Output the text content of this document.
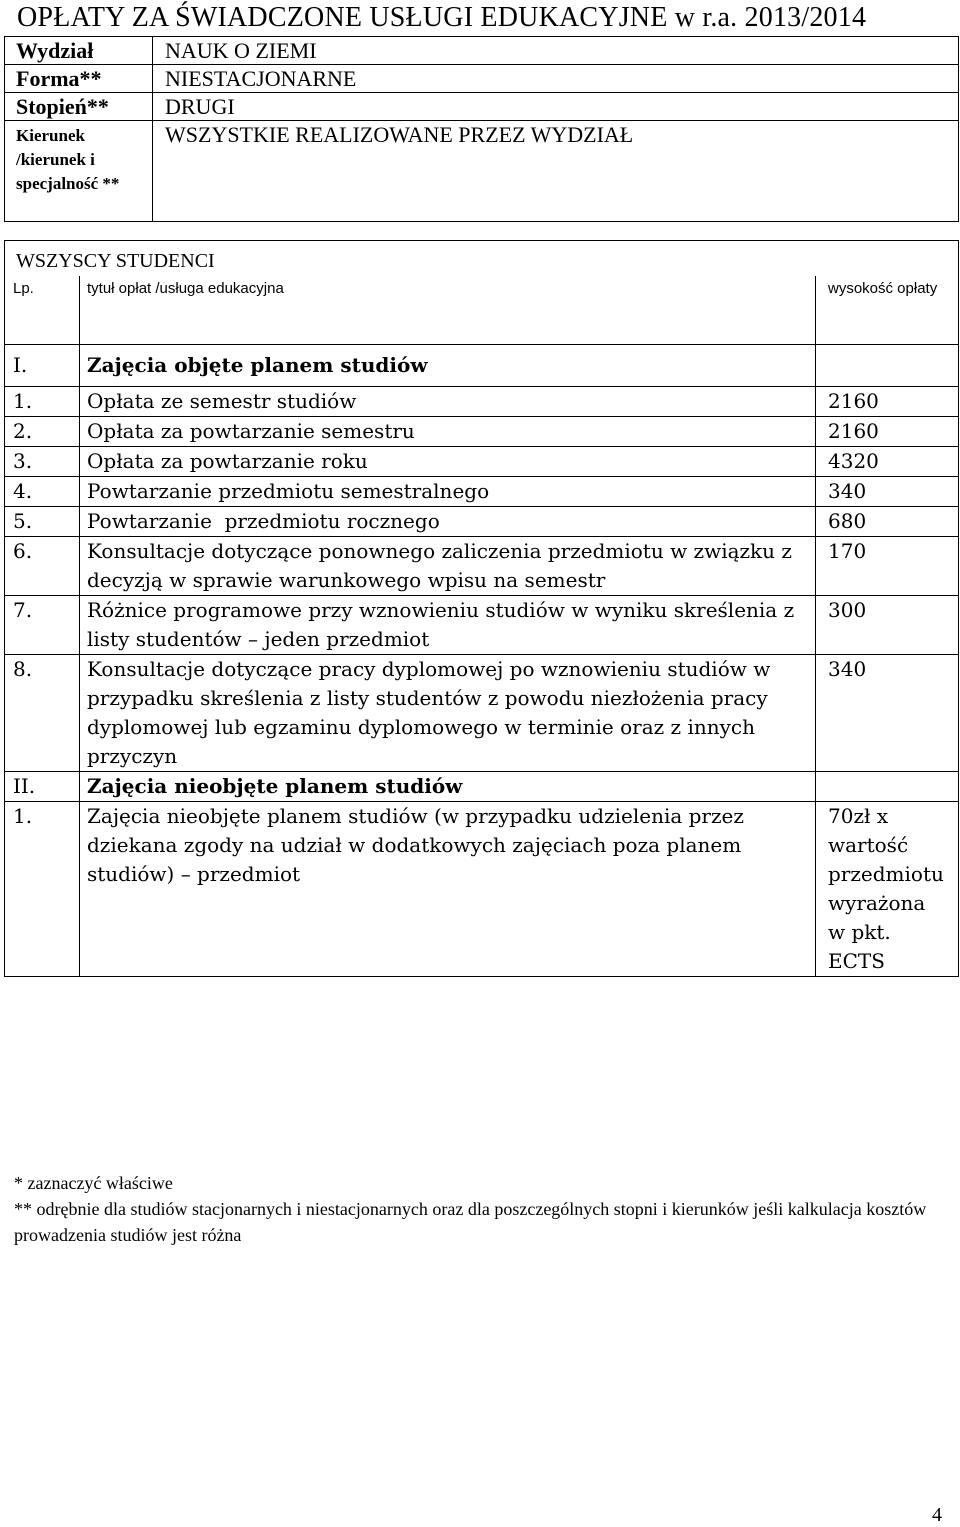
OPŁATY ZA ŚWIADCZONE USŁUGI EDUKACYJNE w r.a. 2013/2014
Wydział	NAUK O ZIEMI
Forma**	NIESTACJONARNE
Stopień**	DRUGI
Kierunek /kierunek i specjalność **	WSZYSTKIE REALIZOWANE PRZEZ WYDZIAŁ
WSZYSCY STUDENCI		
Lp.	tytuł opłat /usługa edukacyjna	wysokość opłaty
I.	Zajęcia objęte planem studiów	
1.	Opłata ze semestr studiów	2160
2.	Opłata za powtarzanie semestru	2160
3.	Opłata za powtarzanie roku	4320
4.	Powtarzanie przedmiotu semestralnego	340
5.	Powtarzanie  przedmiotu rocznego	680
6.	Konsultacje dotyczące ponownego zaliczenia przedmiotu w związku z decyzją w sprawie warunkowego wpisu na semestr	170
7.	Różnice programowe przy wznowieniu studiów w wyniku skreślenia z listy studentów – jeden przedmiot	300
8.	Konsultacje dotyczące pracy dyplomowej po wznowieniu studiów w przypadku skreślenia z listy studentów z powodu niezłożenia pracy dyplomowej lub egzaminu dyplomowego w terminie oraz z innych przyczyn	340
II.	Zajęcia nieobjęte planem studiów	
1.	Zajęcia nieobjęte planem studiów (w przypadku udzielenia przez dziekana zgody na udział w dodatkowych zajęciach poza planem studiów) – przedmiot	70zł x wartość przedmiotu wyrażona w pkt. ECTS
* zaznaczyć właściwe
** odrębnie dla studiów stacjonarnych i niestacjonarnych oraz dla poszczególnych stopni i kierunków jeśli kalkulacja kosztów prowadzenia studiów jest różna
4
